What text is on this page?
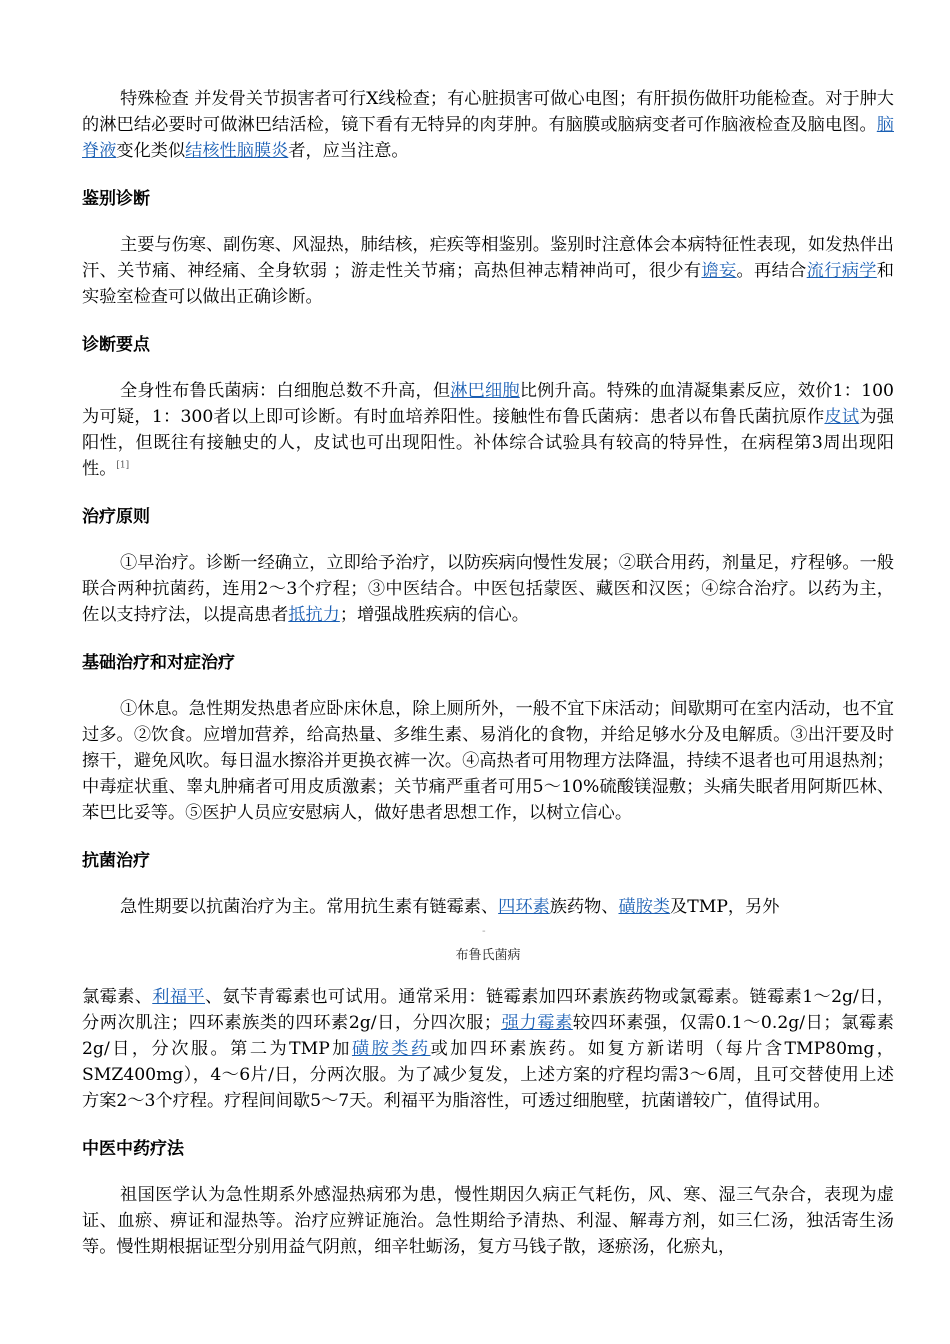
特殊检查 并发骨关节损害者可行X线检查；有心脏损害可做心电图；有肝损伤做肝功能检查。对于肿大的淋巴结必要时可做淋巴结活检，镜下看有无特异的肉芽肿。有脑膜或脑病变者可作脑液检查及脑电图。脑脊液变化类似结核性脑膜炎者，应当注意。

鉴别诊断

主要与伤寒、副伤寒、风湿热，肺结核，疟疾等相鉴别。鉴别时注意体会本病特征性表现，如发热伴出汗、关节痛、神经痛、全身软弱 ；游走性关节痛；高热但神志精神尚可，很少有谵妄。再结合流行病学和实验室检查可以做出正确诊断。

诊断要点

全身性布鲁氏菌病：白细胞总数不升高，但淋巴细胞比例升高。特殊的血清凝集素反应，效价1：100为可疑，1：300者以上即可诊断。有时血培养阳性。接触性布鲁氏菌病：患者以布鲁氏菌抗原作皮试为强阳性，但既往有接触史的人，皮试也可出现阳性。补体综合试验具有较高的特异性，在病程第3周出现阳性。[1]

治疗原则

①早治疗。诊断一经确立，立即给予治疗，以防疾病向慢性发展；②联合用药，剂量足，疗程够。一般联合两种抗菌药，连用2～3个疗程；③中医结合。中医包括蒙医、藏医和汉医；④综合治疗。以药为主，佐以支持疗法，以提高患者抵抗力；增强战胜疾病的信心。

基础治疗和对症治疗

①休息。急性期发热患者应卧床休息，除上厕所外，一般不宜下床活动；间歇期可在室内活动，也不宜过多。②饮食。应增加营养，给高热量、多维生素、易消化的食物，并给足够水分及电解质。③出汗要及时擦干，避免风吹。每日温水擦浴并更换衣裤一次。④高热者可用物理方法降温，持续不退者也可用退热剂；中毒症状重、睾丸肿痛者可用皮质激素；关节痛严重者可用5～10%硫酸镁湿敷；头痛失眠者用阿斯匹林、苯巴比妥等。⑤医护人员应安慰病人，做好患者思想工作，以树立信心。

抗菌治疗

急性期要以抗菌治疗为主。常用抗生素有链霉素、四环素族药物、磺胺类及TMP，另外

-
布鲁氏菌病

氯霉素、利福平、氨苄青霉素也可试用。通常采用：链霉素加四环素族药物或氯霉素。链霉素1～2g/日，分两次肌注；四环素族类的四环素2g/日，分四次服；强力霉素较四环素强，仅需0.1～0.2g/日；氯霉素2g/日，分次服。第二为TMP加磺胺类药或加四环素族药。如复方新诺明（每片含TMP80mg，SMZ400mg），4～6片/日，分两次服。为了减少复发，上述方案的疗程均需3～6周，且可交替使用上述方案2～3个疗程。疗程间间歇5～7天。利福平为脂溶性，可透过细胞壁，抗菌谱较广，值得试用。

中医中药疗法

祖国医学认为急性期系外感湿热病邪为患，慢性期因久病正气耗伤，风、寒、湿三气杂合，表现为虚证、血瘀、痹证和湿热等。治疗应辨证施治。急性期给予清热、利湿、解毒方剂，如三仁汤，独活寄生汤等。慢性期根据证型分别用益气阴煎，细辛牡蛎汤，复方马钱子散，逐瘀汤，化瘀丸，
